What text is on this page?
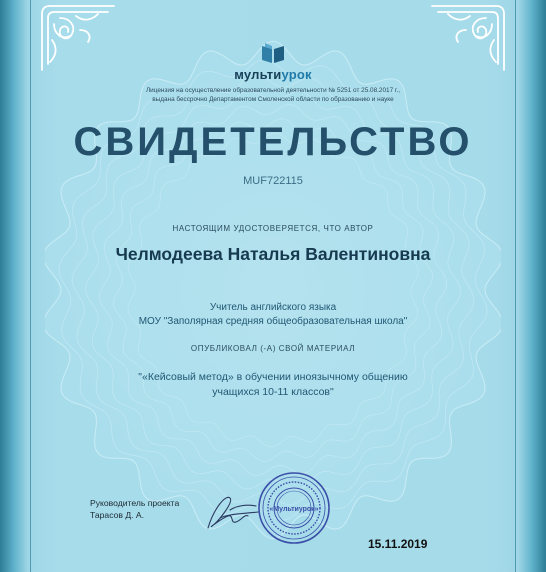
мультиурок
Лицензия на осуществление образовательной деятельности № 5251 от 25.08.2017 г.,
выдана бессрочно Департаментом Смоленской области по образованию и науке
СВИДЕТЕЛЬСТВО
MUF722115
НАСТОЯЩИМ УДОСТОВЕРЯЕТСЯ, ЧТО АВТОР
Челмодеева Наталья Валентиновна
Учитель английского языка
МОУ "Заполярная средняя общеобразовательная школа"
ОПУБЛИКОВАЛ (-А) СВОЙ МАТЕРИАЛ
"«Кейсовый метод» в обучении иноязычному общению
учащихся 10-11 классов"
Руководитель проекта
Тарасов Д. А.
«Мультиурок»
15.11.2019
